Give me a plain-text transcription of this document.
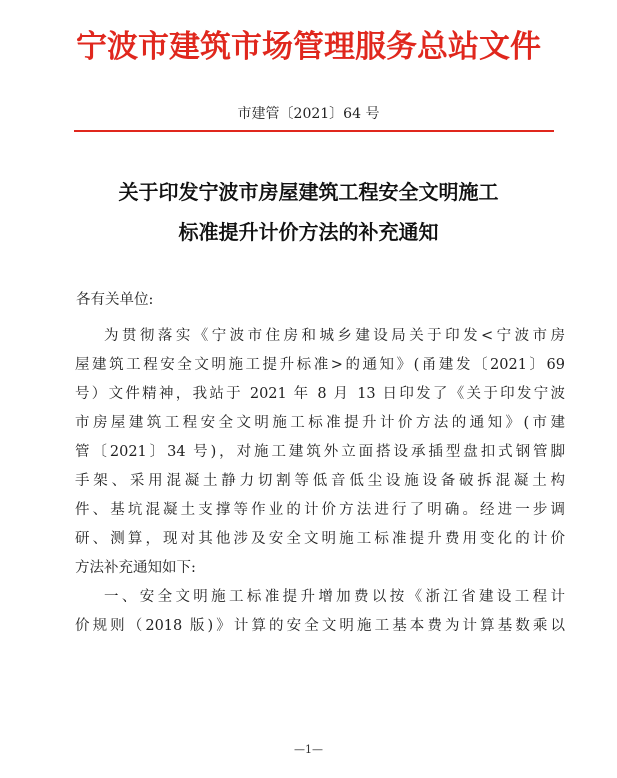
宁波市建筑市场管理服务总站文件
市建管〔2021〕64 号
关于印发宁波市房屋建筑工程安全文明施工
标准提升计价方法的补充通知
各有关单位:
为贯彻落实《宁波市住房和城乡建设局关于印发<宁波市房
屋建筑工程安全文明施工提升标准>的通知》(甬建发〔2021〕69
号）文件精神，我站于 2021 年 8 月 13 日印发了《关于印发宁波
市房屋建筑工程安全文明施工标准提升计价方法的通知》(市建
管〔2021〕34 号)，对施工建筑外立面搭设承插型盘扣式钢管脚
手架、采用混凝土静力切割等低音低尘设施设备破拆混凝土构
件、基坑混凝土支撑等作业的计价方法进行了明确。经进一步调
研、测算，现对其他涉及安全文明施工标准提升费用变化的计价
方法补充通知如下:
一、安全文明施工标准提升增加费以按《浙江省建设工程计
价规则（2018 版)》计算的安全文明施工基本费为计算基数乘以
—1—
